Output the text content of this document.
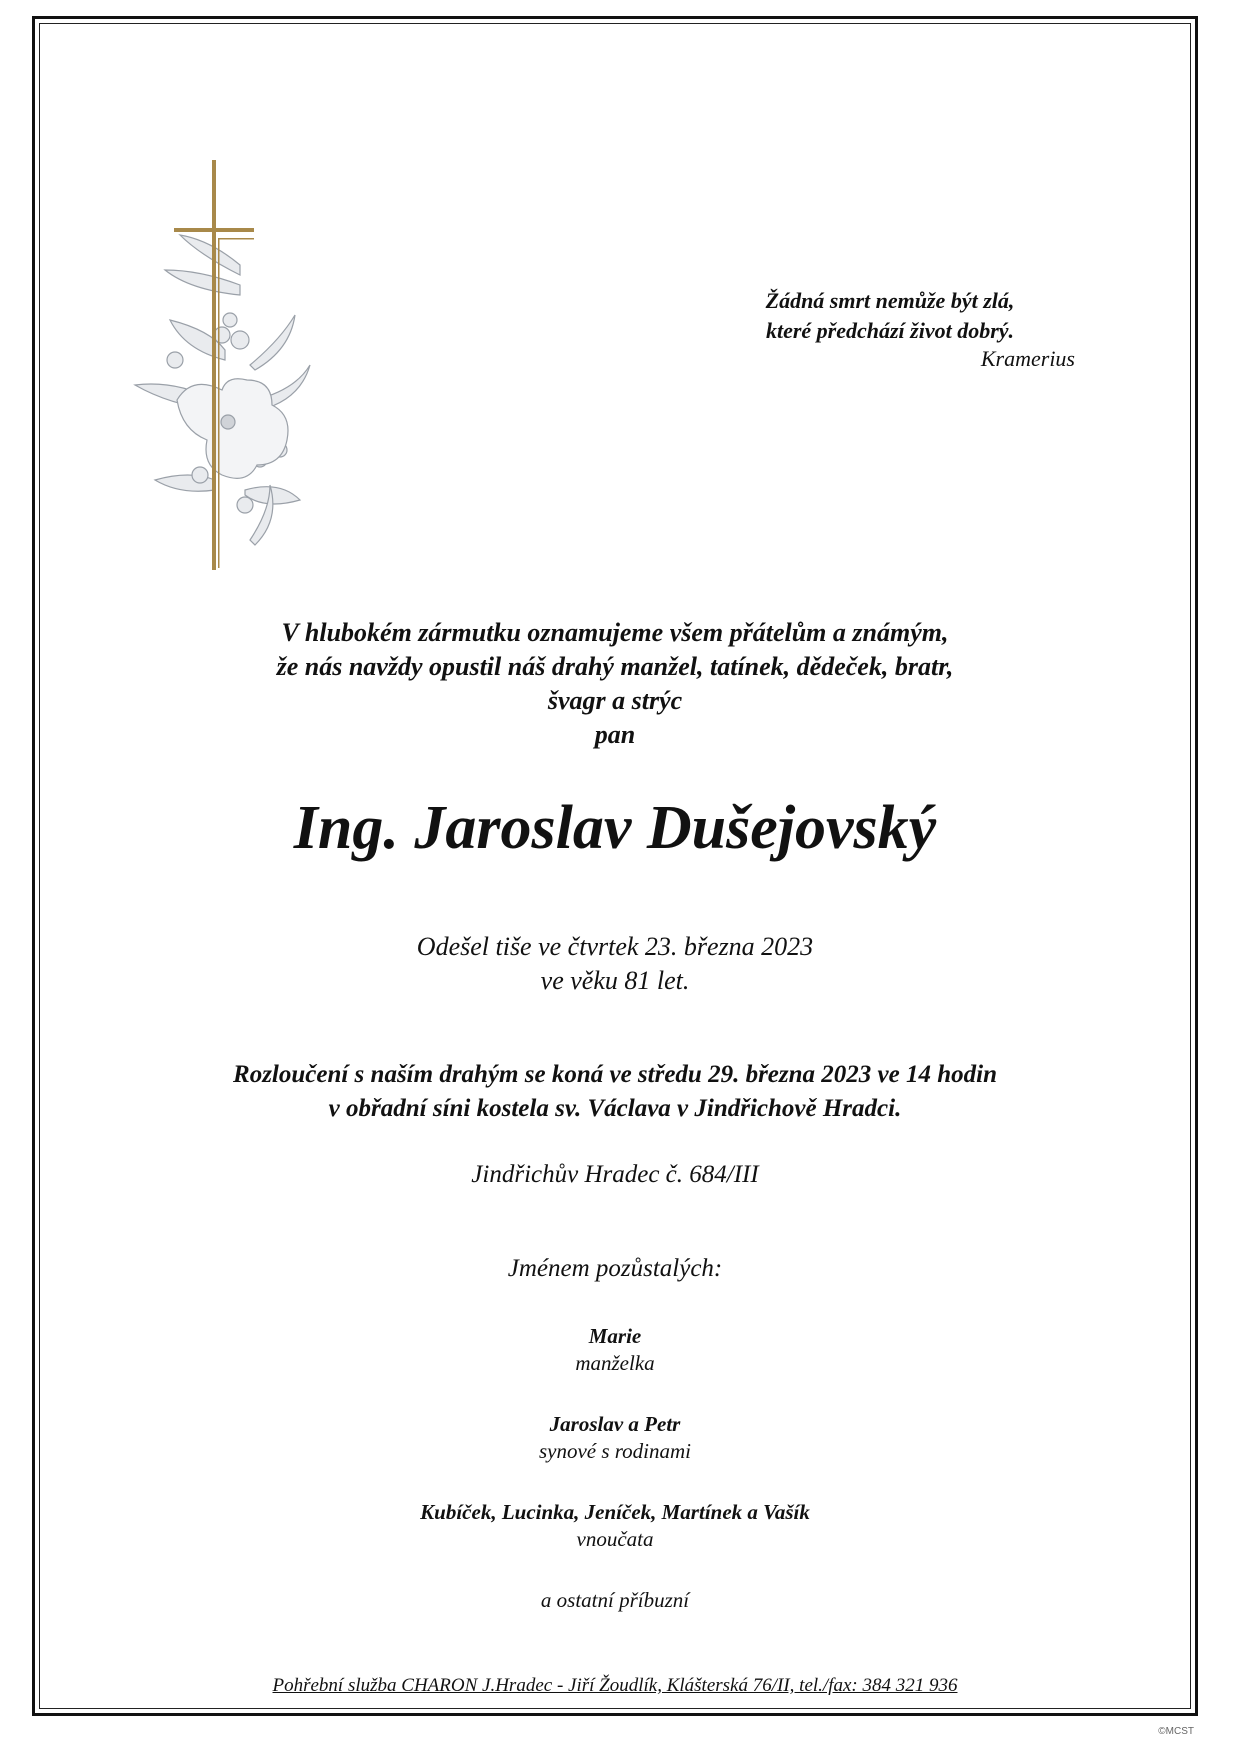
Žádná smrt nemůže být zlá,
které předchází život dobrý.
Kramerius
V hlubokém zármutku oznamujeme všem přátelům a známým,
že nás navždy opustil náš drahý manžel, tatínek, dědeček, bratr,
švagr a strýc
pan
Ing. Jaroslav Dušejovský
Odešel tiše ve čtvrtek 23. března 2023
ve věku 81 let.
Rozloučení s naším drahým se koná ve středu 29. března 2023 ve 14 hodin
v obřadní síni kostela sv. Václava v Jindřichově Hradci.
Jindřichův Hradec č. 684/III
Jménem pozůstalých:
Marie
manželka
Jaroslav a Petr
synové s rodinami
Kubíček, Lucinka, Jeníček, Martínek a Vašík
vnoučata
a ostatní příbuzní
Pohřební služba CHARON J.Hradec - Jiří Žoudlík, Klášterská 76/II, tel./fax: 384 321 936
©MCST
